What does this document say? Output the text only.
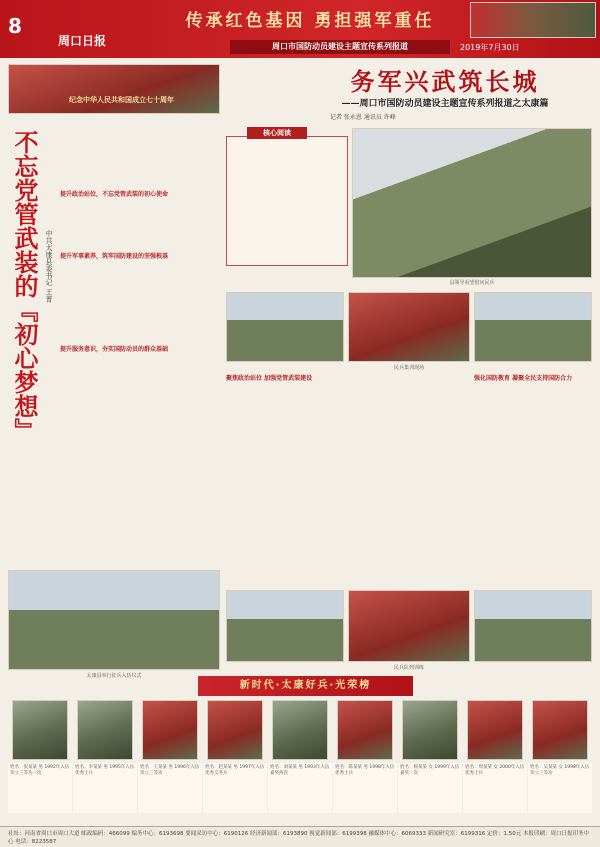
8
周口日报
传承红色基因 勇担强军重任
周口市国防动员建设主题宣传系列报道	2019年7月30日
纪念中华人民共和国成立七十周年
不忘党管武装的『初心梦想』 中共太康县委书记 王菁

提升政治站位，不忘党管武装的初心使命

提升军事素养，筑牢国防建设的坚强根基

提升服务意识，夯实国防动员的群众基础

太康县举行征兵入伍仪式
务军兴武筑长城
——周口市国防动员建设主题宣传系列报道之太康篇
记者 张永恩 通讯员 许峰

核心阅读

县领导看望慰问民兵
民兵集训现场
聚焦政治站位 加强党管武装建设

　	强化国防教育 凝聚全民支持国防合力

民兵队列训练
新时代·太康好兵·光荣榜
姓名：张某某 男 1992年入伍 荣立三等功一次
姓名：李某某 男 1995年入伍 优秀士兵
姓名：王某某 男 1996年入伍 荣立三等功
姓名：赵某某 男 1997年入伍 优秀义务兵
姓名：刘某某 男 1993年入伍 嘉奖两次
姓名：陈某某 男 1998年入伍 优秀士兵
姓名：杨某某 女 1999年入伍 嘉奖一次
姓名：周某某 女 2000年入伍 优秀士兵
姓名：吴某某 女 1998年入伍 荣立三等功
社址：河南省周口市周口大道 邮政编码：466099 编务中心：6193698 要闻采访中心：6190126 经济新闻部：6193890 视觉新闻部：6199398 融媒体中心：6069333 新闻研究室：6199316 定价：1.50元 本报印刷：周口日报印务中心 电话：8223587
